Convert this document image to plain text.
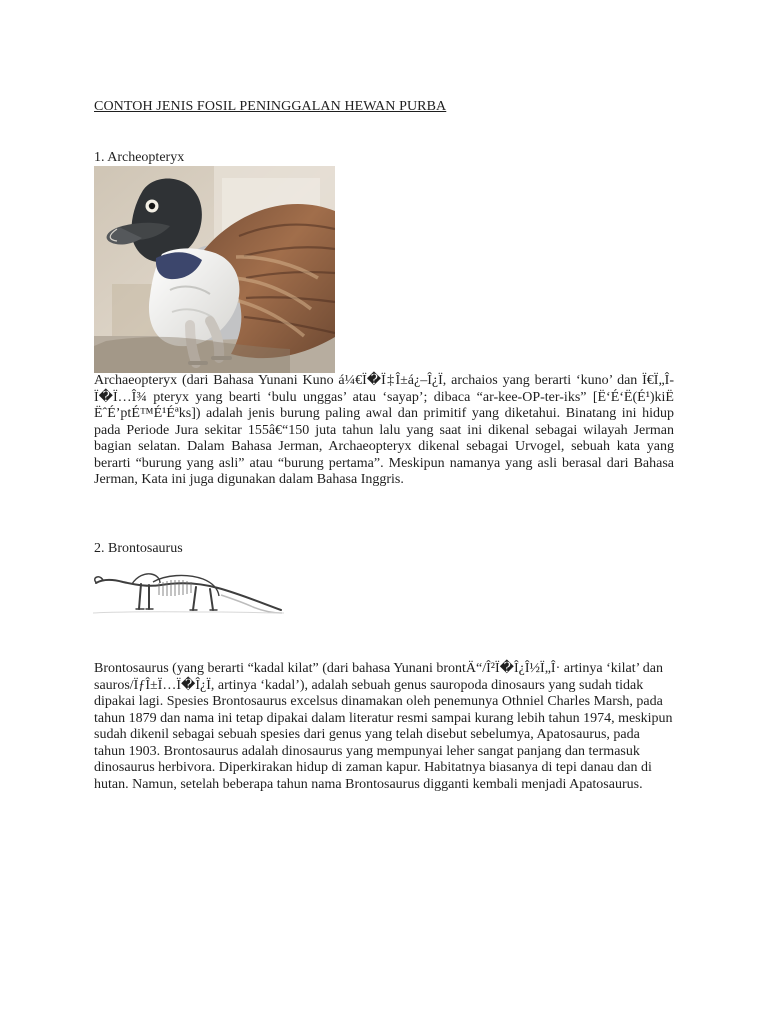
CONTOH JENIS FOSIL PENINGGALAN HEWAN PURBA
1. Archeopteryx

Archaeopteryx (dari Bahasa Yunani Kuno á¼€Ï�Ï‡Î±á¿–Î¿Ï, archaios yang berarti ‘kuno’ dan Ï€Ï„ÎÏ�Ï…Î¾ pteryx yang bearti ‘bulu unggas’ atau ‘sayap’; dibaca “ar-kee-OP-ter-iks” [Ë‘É‘Ë(É¹)kiË ËˆÉ’ptÉ™É¹Éªks]) adalah jenis burung paling awal dan primitif yang diketahui. Binatang ini hidup pada Periode Jura sekitar 155â€“150 juta tahun lalu yang saat ini dikenal sebagai wilayah Jerman bagian selatan. Dalam Bahasa Jerman, Archaeopteryx dikenal sebagai Urvogel, sebuah kata yang berarti “burung yang asli” atau “burung pertama”. Meskipun namanya yang asli berasal dari Bahasa Jerman, Kata ini juga digunakan dalam Bahasa Inggris.

2. Brontosaurus

Brontosaurus (yang berarti “kadal kilat” (dari bahasa Yunani brontÄ“/Î²Ï�Î¿Î½Ï„Î· artinya ‘kilat’ dan sauros/ÏƒÎ±Ï…Ï�Î¿Ï, artinya ‘kadal’), adalah sebuah genus sauropoda dinosaurs yang sudah tidak dipakai lagi. Spesies Brontosaurus excelsus dinamakan oleh penemunya Othniel Charles Marsh, pada tahun 1879 dan nama ini tetap dipakai dalam literatur resmi sampai kurang lebih tahun 1974, meskipun sudah dikenil sebagai sebuah spesies dari genus yang telah disebut sebelumya, Apatosaurus, pada tahun 1903. Brontosaurus adalah dinosaurus yang mempunyai leher sangat panjang dan termasuk dinosaurus herbivora. Diperkirakan hidup di zaman kapur. Habitatnya biasanya di tepi danau dan di hutan. Namun, setelah beberapa tahun nama Brontosaurus digganti kembali menjadi Apatosaurus.
